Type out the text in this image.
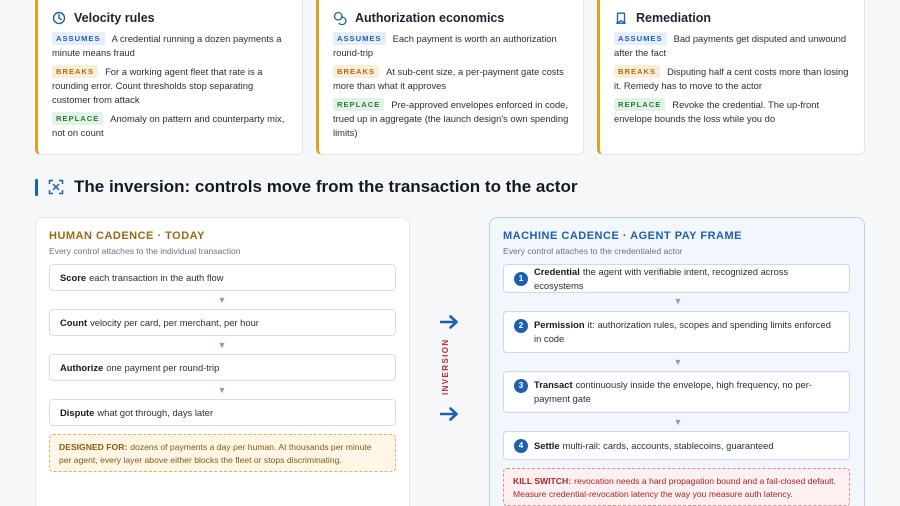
Velocity rules
ASSUMES A credential running a dozen payments a minute means fraud
BREAKS For a working agent fleet that rate is a rounding error. Count thresholds stop separating customer from attack
REPLACE Anomaly on pattern and counterparty mix, not on count
Authorization economics
ASSUMES Each payment is worth an authorization round-trip
BREAKS At sub-cent size, a per-payment gate costs more than what it approves
REPLACE Pre-approved envelopes enforced in code, trued up in aggregate (the launch design's own spending limits)
Remediation
ASSUMES Bad payments get disputed and unwound after the fact
BREAKS Disputing half a cent costs more than losing it. Remedy has to move to the actor
REPLACE Revoke the credential. The up-front envelope bounds the loss while you do
The inversion: controls move from the transaction to the actor
HUMAN CADENCE · TODAY
Every control attaches to the individual transaction
Score each transaction in the auth flow
▼
Count velocity per card, per merchant, per hour
▼
Authorize one payment per round-trip
▼
Dispute what got through, days later
DESIGNED FOR: dozens of payments a day per human. At thousands per minute per agent, every layer above either blocks the fleet or stops discriminating.
INVERSION
MACHINE CADENCE · AGENT PAY FRAME
Every control attaches to the credentialed actor
1
Credential the agent with verifiable intent, recognized across ecosystems
▼
2	Permission it: authorization rules, scopes and spending limits enforced in code
▼
3	Transact continuously inside the envelope, high frequency, no per-payment gate
▼
4	Settle multi-rail: cards, accounts, stablecoins, guaranteed
KILL SWITCH: revocation needs a hard propagation bound and a fail-closed default. Measure credential-revocation latency the way you measure auth latency.
